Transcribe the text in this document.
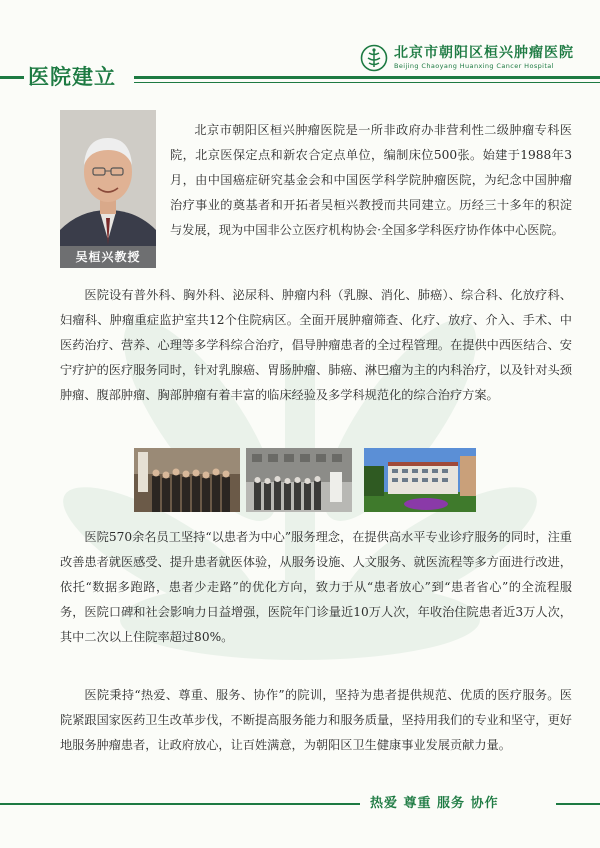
北京市朝阳区桓兴肿瘤医院
Beijing Chaoyang Huanxing Cancer Hospital
医院建立
吴桓兴教授

北京市朝阳区桓兴肿瘤医院是一所非政府办非营利性二级肿瘤专科医院，北京医保定点和新农合定点单位，编制床位500张。始建于1988年3月，由中国癌症研究基金会和中国医学科学院肿瘤医院，为纪念中国肿瘤治疗事业的奠基者和开拓者吴桓兴教授而共同建立。历经三十多年的积淀与发展，现为中国非公立医疗机构协会·全国多学科医疗协作体中心医院。

医院设有普外科、胸外科、泌尿科、肿瘤内科（乳腺、消化、肺癌）、综合科、化放疗科、妇瘤科、肿瘤重症监护室共12个住院病区。全面开展肿瘤筛查、化疗、放疗、介入、手术、中医药治疗、营养、心理等多学科综合治疗，倡导肿瘤患者的全过程管理。在提供中西医结合、安宁疗护的医疗服务同时，针对乳腺癌、胃肠肿瘤、肺癌、淋巴瘤为主的内科治疗，以及针对头颈肿瘤、腹部肿瘤、胸部肿瘤有着丰富的临床经验及多学科规范化的综合治疗方案。

医院570余名员工坚持“以患者为中心”服务理念，在提供高水平专业诊疗服务的同时，注重改善患者就医感受、提升患者就医体验，从服务设施、人文服务、就医流程等多方面进行改进，依托“数据多跑路，患者少走路”的优化方向，致力于从“患者放心”到“患者省心”的全流程服务，医院口碑和社会影响力日益增强，医院年门诊量近10万人次，年收治住院患者近3万人次，其中二次以上住院率超过80%。

医院秉持“热爱、尊重、服务、协作”的院训，坚持为患者提供规范、优质的医疗服务。医院紧跟国家医药卫生改革步伐，不断提高服务能力和服务质量，坚持用我们的专业和坚守，更好地服务肿瘤患者，让政府放心，让百姓满意，为朝阳区卫生健康事业发展贡献力量。

热爱 尊重 服务 协作
